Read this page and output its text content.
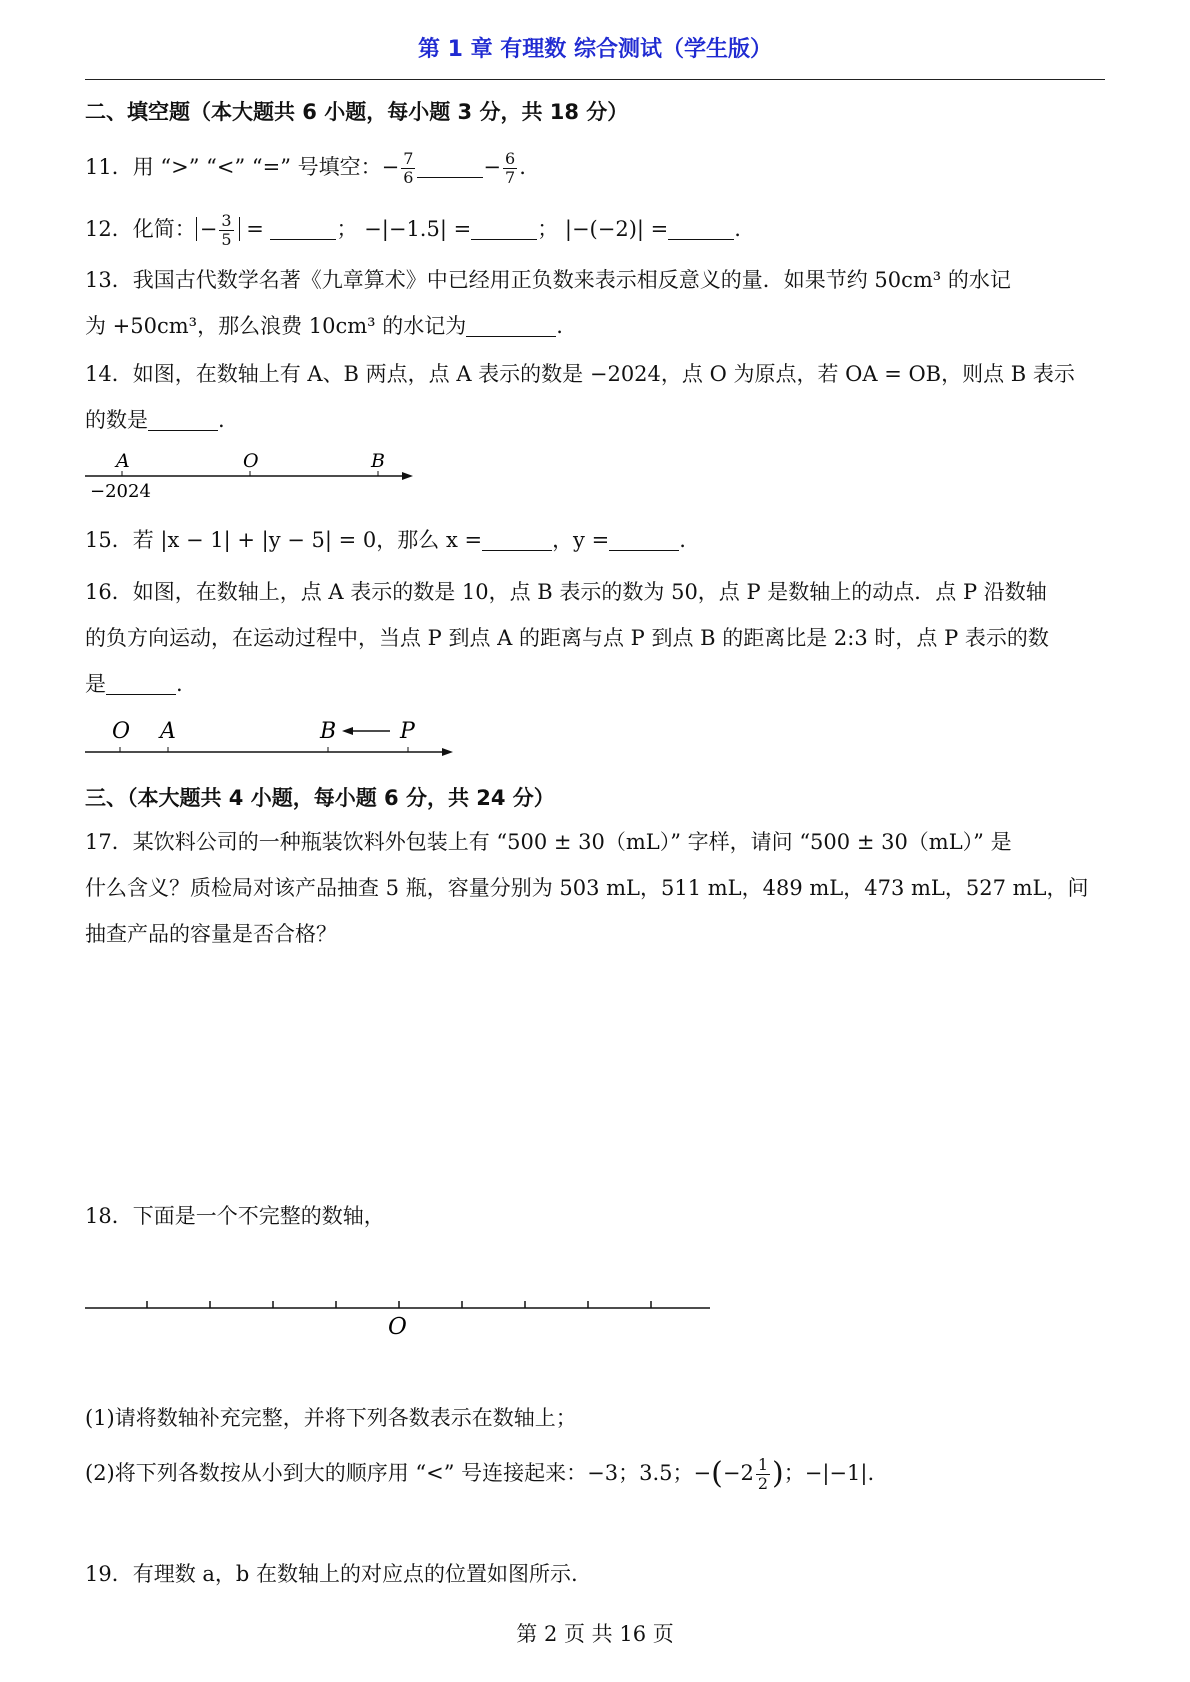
第 1 章 有理数 综合测试（学生版）
二、填空题（本大题共 6 小题，每小题 3 分，共 18 分）
11．用 “>” “<” “=” 号填空：− $\frac{7}{6}$	− $\frac{6}{7}$ .
12．化简： − $\frac{3}{5}$ =	； −|−1.5| =	； |−(−2)| =	.
13．我国古代数学名著《九章算术》中已经用正负数来表示相反意义的量．如果节约 50cm³ 的水记
为 +50cm³，那么浪费 10cm³ 的水记为	.
14．如图，在数轴上有 A、B 两点，点 A 表示的数是 −2024，点 O 为原点，若 OA = OB，则点 B 表示
的数是	.
A	O	B
−2024
15．若 |x − 1| + |y − 5| = 0，那么 x =	，y =	.
16．如图，在数轴上，点 A 表示的数是 10，点 B 表示的数为 50，点 P 是数轴上的动点．点 P 沿数轴
的负方向运动，在运动过程中，当点 P 到点 A 的距离与点 P 到点 B 的距离比是 2:3 时，点 P 表示的数
是	.
O A	B	P
三、（本大题共 4 小题，每小题 6 分，共 24 分）
17．某饮料公司的一种瓶装饮料外包装上有 “500 ± 30（mL）” 字样，请问 “500 ± 30（mL）” 是
什么含义？质检局对该产品抽查 5 瓶，容量分别为 503 mL，511 mL，489 mL，473 mL，527 mL，问
抽查产品的容量是否合格？
18．下面是一个不完整的数轴，
O
(1)请将数轴补充完整，并将下列各数表示在数轴上；
(2)将下列各数按从小到大的顺序用 “<” 号连接起来：−3；3.5；$-(-2 \frac{1}{2}$ )；−|−1|.
19．有理数 a，b 在数轴上的对应点的位置如图所示.
第 2 页 共 16 页
